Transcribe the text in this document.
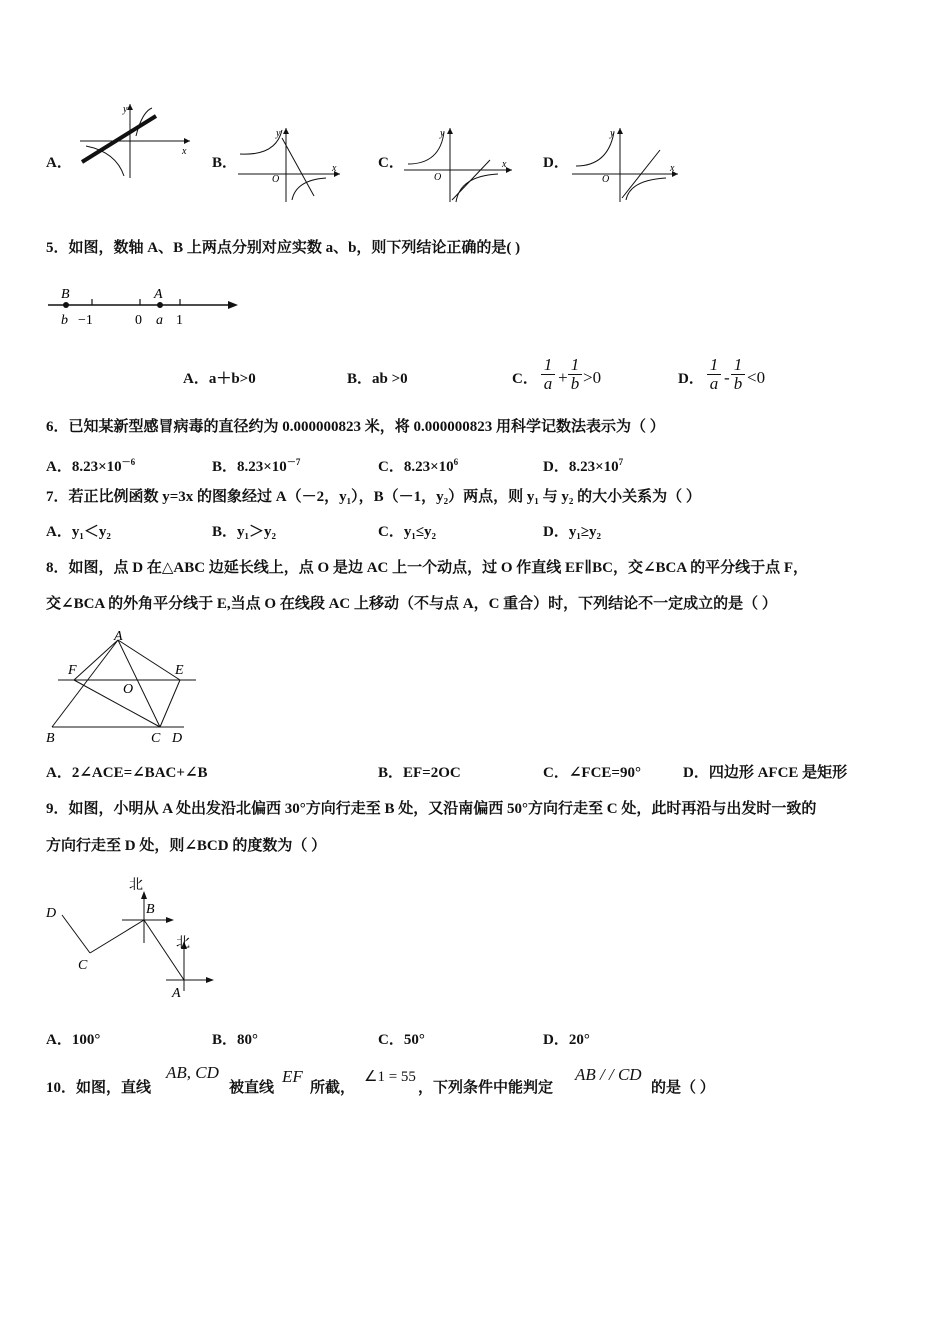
A．
x
y
B．	x
y
O
C．	x
y
O
D．	x
y
O
5．如图，数轴 A、B 上两点分别对应实数 a、b，则下列结论正确的是( )
B	A
b −1	0 a 1
A．a＋b>0	B．ab >0	C． $\frac{1}{a} + \frac{1}{b} >0$	D． $\frac{1}{a} - \frac{1}{b} <0$
6．已知某新型感冒病毒的直径约为 0.000000823 米，将 0.000000823 用科学记数法表示为（ ）
A．$8.23\times 10^{-6}$	B．$8.23\times 10^{-7}$	C．$8.23\times 10^6$	D．$8.23\times 10^7$
7．若正比例函数 y=3x 的图象经过 A（－2，y₁），B（－1，y₂）两点，则 y₁ 与 y₂ 的大小关系为（ ）
A．y₁＜y₂	B．y₁＞y₂	C．y₁≤y₂	D．y₁≥y₂
8．如图，点 D 在△ABC 边延长线上，点 O 是边 AC 上一个动点，过 O 作直线 EF∥BC，交∠BCA 的平分线于点 F，
交∠BCA 的外角平分线于 E,当点 O 在线段 AC 上移动（不与点 A，C 重合）时，下列结论不一定成立的是（ ）
A
F	E
O
B	C D
A．2∠ACE=∠BAC+∠B	B．EF=2OC	C．∠FCE=90°	D．四边形 AFCE 是矩形
9．如图，小明从 A 处出发沿北偏西 30°方向行走至 B 处，又沿南偏西 50°方向行走至 C 处，此时再沿与出发时一致的
方向行走至 D 处，则∠BCD 的度数为（ ）
北
B
北
A
D
C
A．100°	B．80°	C．50°	D．20°
10．如图，直线
AB, CD
被直线
EF
所截，
∠1 = 55
，下列条件中能判定
AB / / CD
的是（ ）
